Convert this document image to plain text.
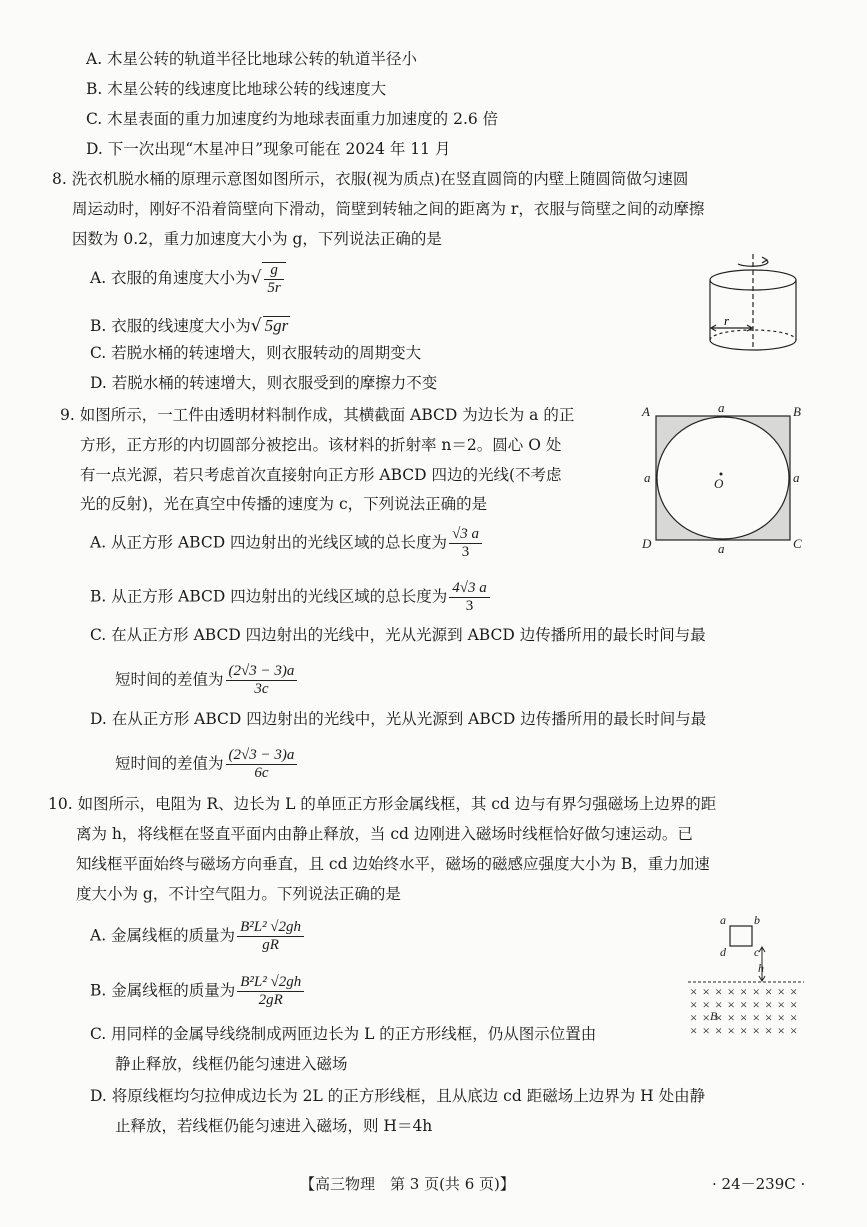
A. 木星公转的轨道半径比地球公转的轨道半径小
B. 木星公转的线速度比地球公转的线速度大
C. 木星表面的重力加速度约为地球表面重力加速度的 2.6 倍
D. 下一次出现“木星冲日”现象可能在 2024 年 11 月
8. 洗衣机脱水桶的原理示意图如图所示，衣服(视为质点)在竖直圆筒的内壁上随圆筒做匀速圆
周运动时，刚好不沿着筒壁向下滑动，筒壁到转轴之间的距离为 r，衣服与筒壁之间的动摩擦
因数为 0.2，重力加速度大小为 g，下列说法正确的是
A. 衣服的角速度大小为√ $\frac{g}{5r}$
B. 衣服的线速度大小为√ 5gr
C. 若脱水桶的转速增大，则衣服转动的周期变大
D. 若脱水桶的转速增大，则衣服受到的摩擦力不变
r
9. 如图所示，一工件由透明材料制作成，其横截面 ABCD 为边长为 a 的正
方形，正方形的内切圆部分被挖出。该材料的折射率 n＝2。圆心 O 处
有一点光源，若只考虑首次直接射向正方形 ABCD 四边的光线(不考虑
光的反射)，光在真空中传播的速度为 c，下列说法正确的是
A. 从正方形 ABCD 四边射出的光线区域的总长度为 $\frac{√3 a}{3}$
B. 从正方形 ABCD 四边射出的光线区域的总长度为 $\frac{4√3 a}{3}$
C. 在从正方形 ABCD 四边射出的光线中，光从光源到 ABCD 边传播所用的最长时间与最
短时间的差值为 $\frac{(2√3 - 3)a}{3c}$
D. 在从正方形 ABCD 四边射出的光线中，光从光源到 ABCD 边传播所用的最长时间与最
短时间的差值为 $\frac{(2√3 - 3)a}{6c}$
A	B
C
D
O
a
a
a	a
10. 如图所示，电阻为 R、边长为 L 的单匝正方形金属线框，其 cd 边与有界匀强磁场上边界的距
离为 h，将线框在竖直平面内由静止释放，当 cd 边刚进入磁场时线框恰好做匀速运动。已
知线框平面始终与磁场方向垂直，且 cd 边始终水平，磁场的磁感应强度大小为 B，重力加速
度大小为 g，不计空气阻力。下列说法正确的是
A. 金属线框的质量为 $\frac{\text{B²L² √2gh}}{gR}$
B. 金属线框的质量为 $\frac{\text{B²L² √2gh}}{2gR}$
C. 用同样的金属导线绕制成两匝边长为 L 的正方形线框，仍从图示位置由
静止释放，线框仍能匀速进入磁场
D. 将原线框均匀拉伸成边长为 2L 的正方形线框，且从底边 cd 距磁场上边界为 H 处由静
止释放，若线框仍能匀速进入磁场，则 H＝4h
a b
d c
h
B
× × × × × × × × ×
× × × × × × × × ×
× × × × × × × × ×
× × × × × × × × ×
【高三物理　第 3 页(共 6 页)】	· 24－239C ·
